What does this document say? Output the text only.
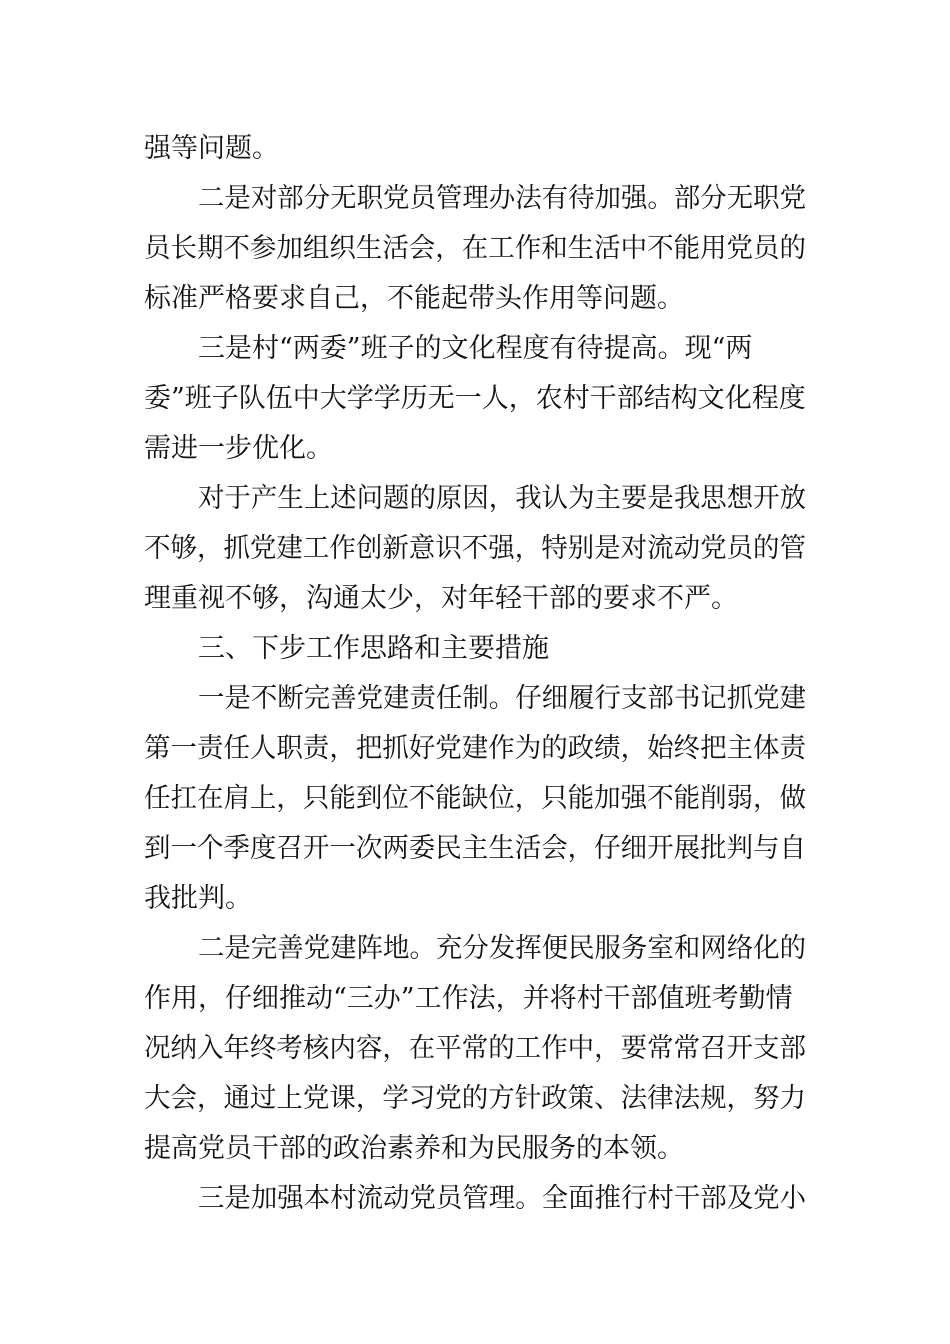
强等问题。

二是对部分无职党员管理办法有待加强。部分无职党

员长期不参加组织生活会，在工作和生活中不能用党员的

标准严格要求自己，不能起带头作用等问题。

三是村“两委”班子的文化程度有待提高。现“两

委”班子队伍中大学学历无一人，农村干部结构文化程度

需进一步优化。

对于产生上述问题的原因，我认为主要是我思想开放

不够，抓党建工作创新意识不强，特别是对流动党员的管

理重视不够，沟通太少，对年轻干部的要求不严。

三、下步工作思路和主要措施

一是不断完善党建责任制。仔细履行支部书记抓党建

第一责任人职责，把抓好党建作为的政绩，始终把主体责

任扛在肩上，只能到位不能缺位，只能加强不能削弱，做

到一个季度召开一次两委民主生活会，仔细开展批判与自

我批判。

二是完善党建阵地。充分发挥便民服务室和网络化的

作用，仔细推动“三办”工作法，并将村干部值班考勤情

况纳入年终考核内容，在平常的工作中，要常常召开支部

大会，通过上党课，学习党的方针政策、法律法规，努力

提高党员干部的政治素养和为民服务的本领。

三是加强本村流动党员管理。全面推行村干部及党小
